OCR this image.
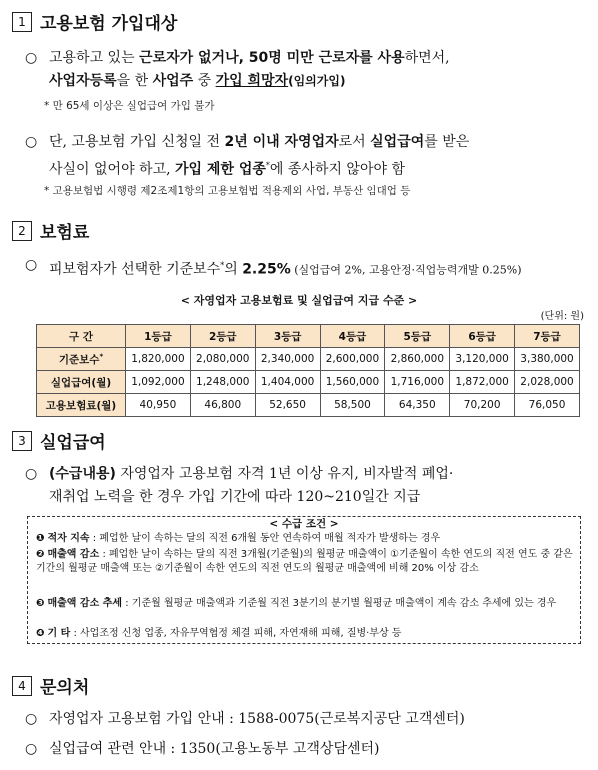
1 고용보험 가입대상
○ 고용하고 있는 근로자가 없거나, 50명 미만 근로자를 사용하면서,
사업자등록을 한 사업주 중 가입 희망자(임의가입)
* 만 65세 이상은 실업급여 가입 불가
○ 단, 고용보험 가입 신청일 전 2년 이내 자영업자로서 실업급여를 받은
사실이 없어야 하고, 가입 제한 업종*에 종사하지 않아야 함
* 고용보험법 시행령 제2조제1항의 고용보험법 적용제외 사업, 부동산 임대업 등
2 보험료
○ 피보험자가 선택한 기준보수*의 2.25% (실업급여 2%, 고용안정·직업능력개발 0.25%)
< 자영업자 고용보험료 및 실업급여 지급 수준 >
(단위: 원)
구 간	1등급	2등급	3등급	4등급	5등급	6등급	7등급
기준보수*	1,820,000	2,080,000	2,340,000	2,600,000	2,860,000	3,120,000	3,380,000
실업급여(월)	1,092,000	1,248,000	1,404,000	1,560,000	1,716,000	1,872,000	2,028,000
고용보험료(월)	40,950	46,800	52,650	58,500	64,350	70,200	76,050
3 실업급여
○ (수급내용) 자영업자 고용보험 자격 1년 이상 유지, 비자발적 폐업·
재취업 노력을 한 경우 가입 기간에 따라 120~210일간 지급
< 수급 조건 >
❶ 적자 지속 : 폐업한 날이 속하는 달의 직전 6개월 동안 연속하여 매월 적자가 발생하는 경우
❷ 매출액 감소 : 폐업한 날이 속하는 달의 직전 3개월(기준월)의 월평균 매출액이 ①기준월이 속한 연도의 직전 연도 중 같은 기간의 월평균 매출액 또는 ②기준월이 속한 연도의 직전 연도의 월평균 매출액에 비해 20% 이상 감소
❸ 매출액 감소 추세 : 기준월 월평균 매출액과 기준월 직전 3분기의 분기별 월평균 매출액이 계속 감소 추세에 있는 경우
❹ 기 타 : 사업조정 신청 업종, 자유무역협정 체결 피해, 자연재해 피해, 질병·부상 등
4 문의처
○ 자영업자 고용보험 가입 안내 : 1588-0075(근로복지공단 고객센터)
○ 실업급여 관련 안내 : 1350(고용노동부 고객상담센터)
